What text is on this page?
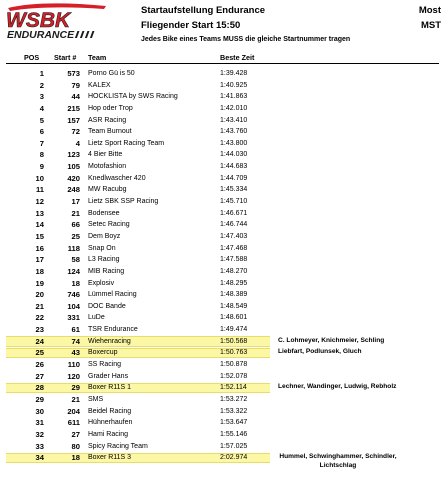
WSBK
ENDURANCE
Startaufstellung Endurance
Fliegender Start 15:50
Jedes Bike eines Teams MUSS die gleiche Startnummer tragen
Most
MST
POS Start # Team	Beste Zeit
1	573 Porno Gü is 50	1:39.428
2	79 KALEX	1:40.925
3	44 HOCKLISTA by SWS Racing	1:41.863
4	215 Hop oder Trop	1:42.010
5	157 ASR Racing	1:43.410
6	72 Team Burnout	1:43.760
7	4 Lietz Sport Racing Team	1:43.800
8	123 4 Bier Bitte	1:44.030
9	105 Motofashion	1:44.683
10	420 Knedlwascher 420	1:44.709
11	248 MW Racubg	1:45.334
12	17 Lietz SBK SSP Racing	1:45.710
13	21 Bodensee	1:46.671
14	66 Setec Racing	1:46.744
15	25 Dem Boyz	1:47.403
16	118 Snap On	1:47.468
17	58 L3 Racing	1:47.588
18	124 MIB Racing	1:48.270
19	18 Explosiv	1:48.295
20	746 Lümmel Racing	1:48.389
21	104 DOC Bande	1:48.549
22	331 LuDe	1:48.601
23	61 TSR Endurance	1:49.474
24	74 Wiehenracing	1:50.568	C. Lohmeyer, Knichmeier, Schling
25	43 Boxercup	1:50.763	Liebfart, Podlunsek, Gluch
26	110 SS Racing	1:50.878
27	120 Grader Hans	1:52.078
28	29 Boxer R11S 1	1:52.114	Lechner, Wandinger, Ludwig, Rebholz
29	21 SMS	1:53.272
30	204 Beidel Racing	1:53.322
31	611 Hühnerhaufen	1:53.647
32	27 Hami Racing	1:55.146
33	80 Spicy Racing Team	1:57.025
34	18 Boxer R11S 3	2:02.974	Hummel, Schwinghammer, Schindler, Lichtschlag
